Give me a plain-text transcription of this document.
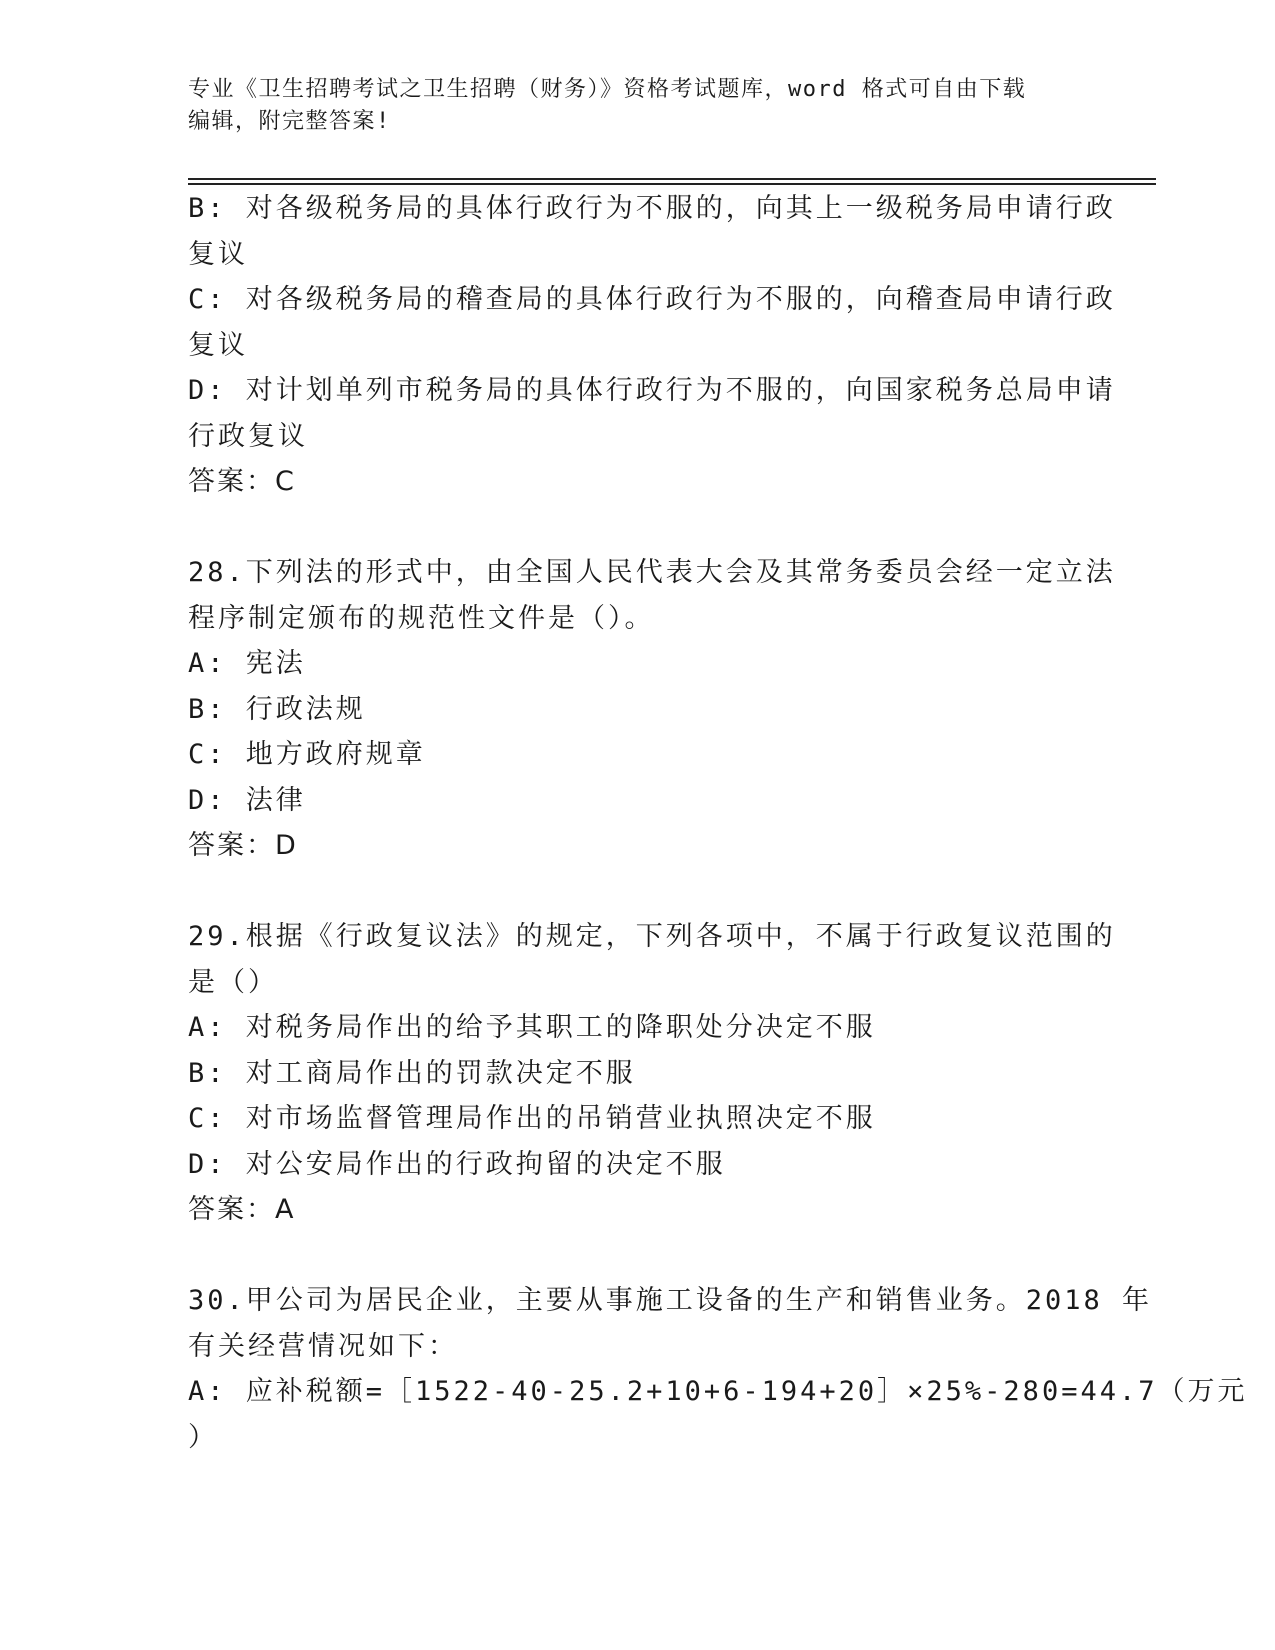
专业《卫生招聘考试之卫生招聘（财务）》资格考试题库，word 格式可自由下载
编辑，附完整答案!
B: 对各级税务局的具体行政行为不服的，向其上一级税务局申请行政
复议
C: 对各级税务局的稽查局的具体行政行为不服的，向稽查局申请行政
复议
D: 对计划单列市税务局的具体行政行为不服的，向国家税务总局申请
行政复议
答案：C
28.下列法的形式中，由全国人民代表大会及其常务委员会经一定立法
程序制定颁布的规范性文件是（）。
A: 宪法
B: 行政法规
C: 地方政府规章
D: 法律
答案：D
29.根据《行政复议法》的规定，下列各项中，不属于行政复议范围的
是（）
A: 对税务局作出的给予其职工的降职处分决定不服
B: 对工商局作出的罚款决定不服
C: 对市场监督管理局作出的吊销营业执照决定不服
D: 对公安局作出的行政拘留的决定不服
答案：A
30.甲公司为居民企业，主要从事施工设备的生产和销售业务。2018 年
有关经营情况如下：
A: 应补税额=［1522-40-25.2+10+6-194+20］×25%-280=44.7（万元
）
